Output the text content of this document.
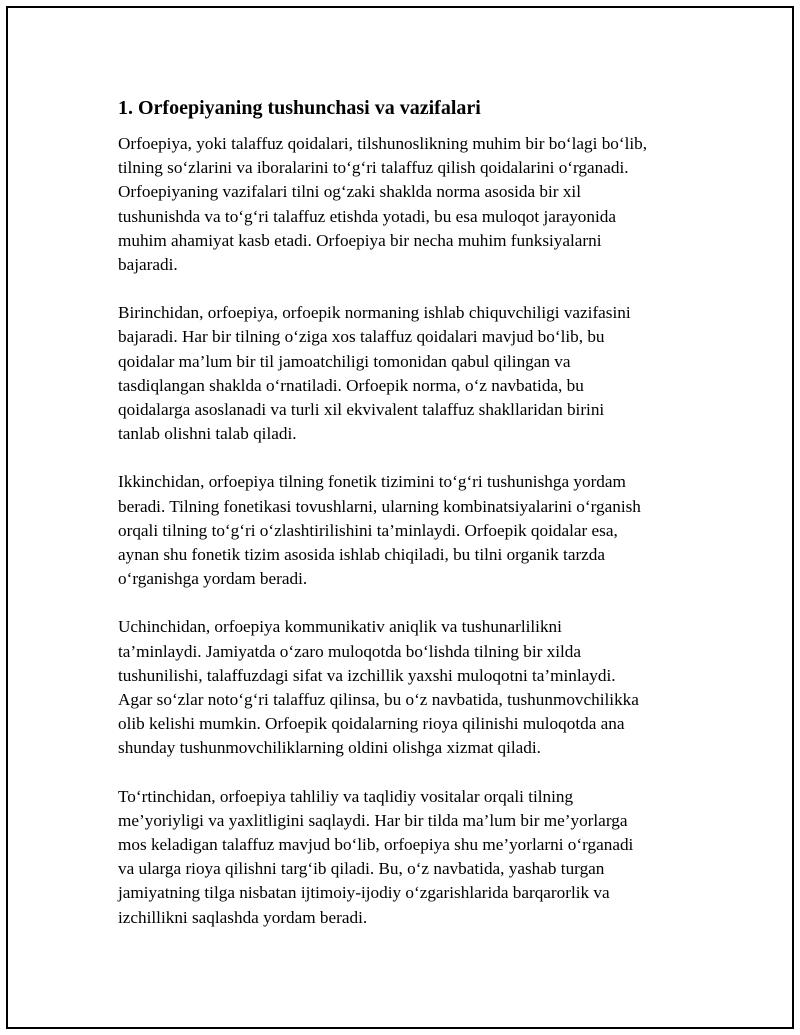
1. Orfoepiyaning tushunchasi va vazifalari

Orfoepiya, yoki talaffuz qoidalari, tilshunoslikning muhim bir bo‘lagi bo‘lib,
tilning so‘zlarini va iboralarini to‘g‘ri talaffuz qilish qoidalarini o‘rganadi.
Orfoepiyaning vazifalari tilni og‘zaki shaklda norma asosida bir xil
tushunishda va to‘g‘ri talaffuz etishda yotadi, bu esa muloqot jarayonida
muhim ahamiyat kasb etadi. Orfoepiya bir necha muhim funksiyalarni
bajaradi.

Birinchidan, orfoepiya, orfoepik normaning ishlab chiquvchiligi vazifasini
bajaradi. Har bir tilning o‘ziga xos talaffuz qoidalari mavjud bo‘lib, bu
qoidalar ma’lum bir til jamoatchiligi tomonidan qabul qilingan va
tasdiqlangan shaklda o‘rnatiladi. Orfoepik norma, o‘z navbatida, bu
qoidalarga asoslanadi va turli xil ekvivalent talaffuz shakllaridan birini
tanlab olishni talab qiladi.

Ikkinchidan, orfoepiya tilning fonetik tizimini to‘g‘ri tushunishga yordam
beradi. Tilning fonetikasi tovushlarni, ularning kombinatsiyalarini o‘rganish
orqali tilning to‘g‘ri o‘zlashtirilishini ta’minlaydi. Orfoepik qoidalar esa,
aynan shu fonetik tizim asosida ishlab chiqiladi, bu tilni organik tarzda
o‘rganishga yordam beradi.

Uchinchidan, orfoepiya kommunikativ aniqlik va tushunarlilikni
ta’minlaydi. Jamiyatda o‘zaro muloqotda bo‘lishda tilning bir xilda
tushunilishi, talaffuzdagi sifat va izchillik yaxshi muloqotni ta’minlaydi.
Agar so‘zlar noto‘g‘ri talaffuz qilinsa, bu o‘z navbatida, tushunmovchilikka
olib kelishi mumkin. Orfoepik qoidalarning rioya qilinishi muloqotda ana
shunday tushunmovchiliklarning oldini olishga xizmat qiladi.

To‘rtinchidan, orfoepiya tahliliy va taqlidiy vositalar orqali tilning
me’yoriyligi va yaxlitligini saqlaydi. Har bir tilda ma’lum bir me’yorlarga
mos keladigan talaffuz mavjud bo‘lib, orfoepiya shu me’yorlarni o‘rganadi
va ularga rioya qilishni targ‘ib qiladi. Bu, o‘z navbatida, yashab turgan
jamiyatning tilga nisbatan ijtimoiy-ijodiy o‘zgarishlarida barqarorlik va
izchillikni saqlashda yordam beradi.
